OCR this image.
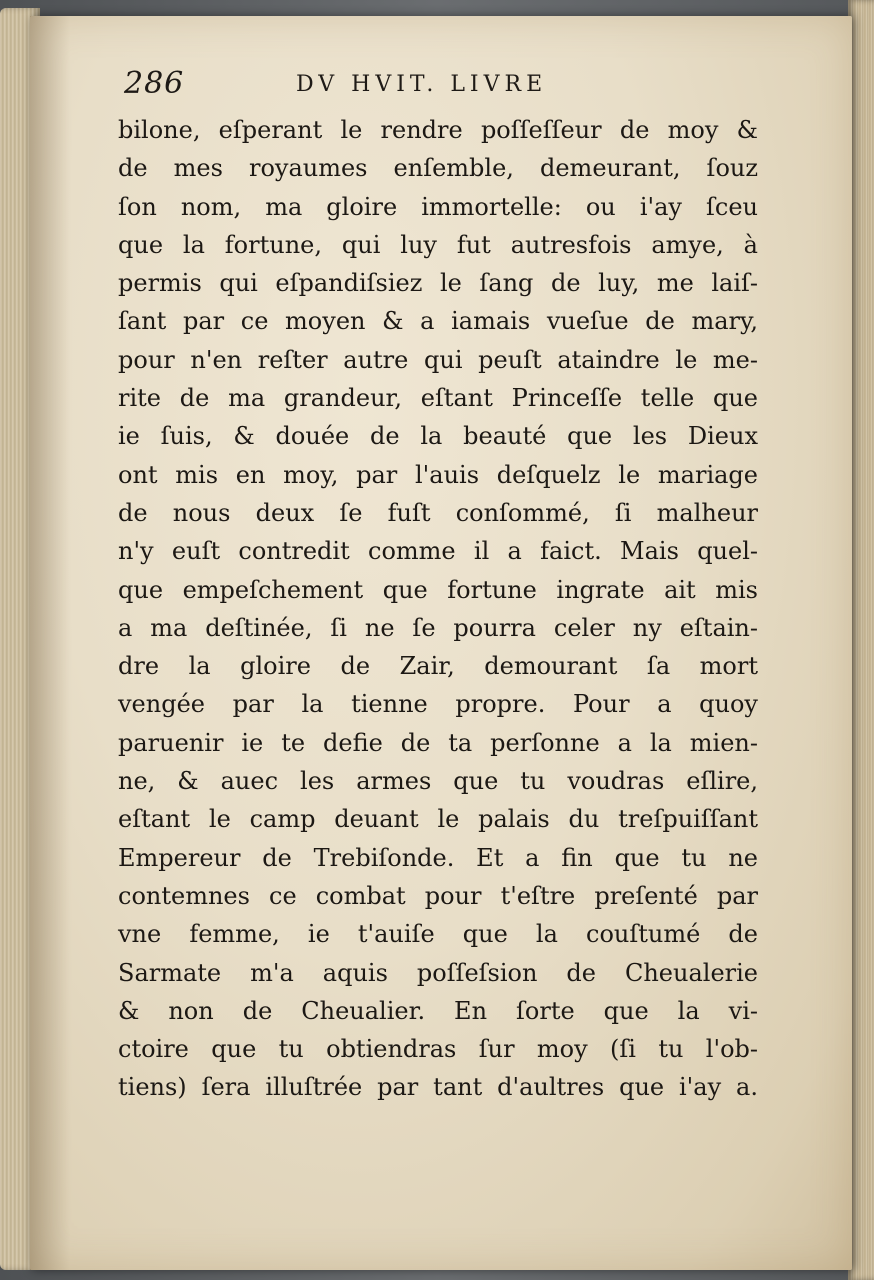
286	DV HVIT. LIVRE
bilone, eſperant le rendre poſſeſſeur de moy &
de mes royaumes enſemble, demeurant, ſouz
ſon nom, ma gloire immortelle: ou i'ay ſceu
que la fortune, qui luy fut autresfois amye, à
permis qui eſpandiſsiez le ſang de luy, me laiſ-
ſant par ce moyen & a iamais vueſue de mary,
pour n'en reſter autre qui peuſt ataindre le me-
rite de ma grandeur, eſtant Princeſſe telle que
ie ſuis, & douée de la beauté que les Dieux
ont mis en moy, par l'auis deſquelz le mariage
de nous deux ſe fuſt conſommé, ſi malheur
n'y euſt contredit comme il a faict. Mais quel-
que empeſchement que fortune ingrate ait mis
a ma deſtinée, ſi ne ſe pourra celer ny eſtain-
dre la gloire de Zair, demourant ſa mort
vengée par la tienne propre. Pour a quoy
paruenir ie te defie de ta perſonne a la mien-
ne, & auec les armes que tu voudras eſlire,
eſtant le camp deuant le palais du treſpuiſſant
Empereur de Trebiſonde. Et a fin que tu ne
contemnes ce combat pour t'eſtre preſenté par
vne femme, ie t'auiſe que la couſtumé de
Sarmate m'a aquis poſſeſsion de Cheualerie
& non de Cheualier. En ſorte que la vi-
ctoire que tu obtiendras ſur moy (ſi tu l'ob-
tiens) ſera illuſtrée par tant d'aultres que i'ay a.
